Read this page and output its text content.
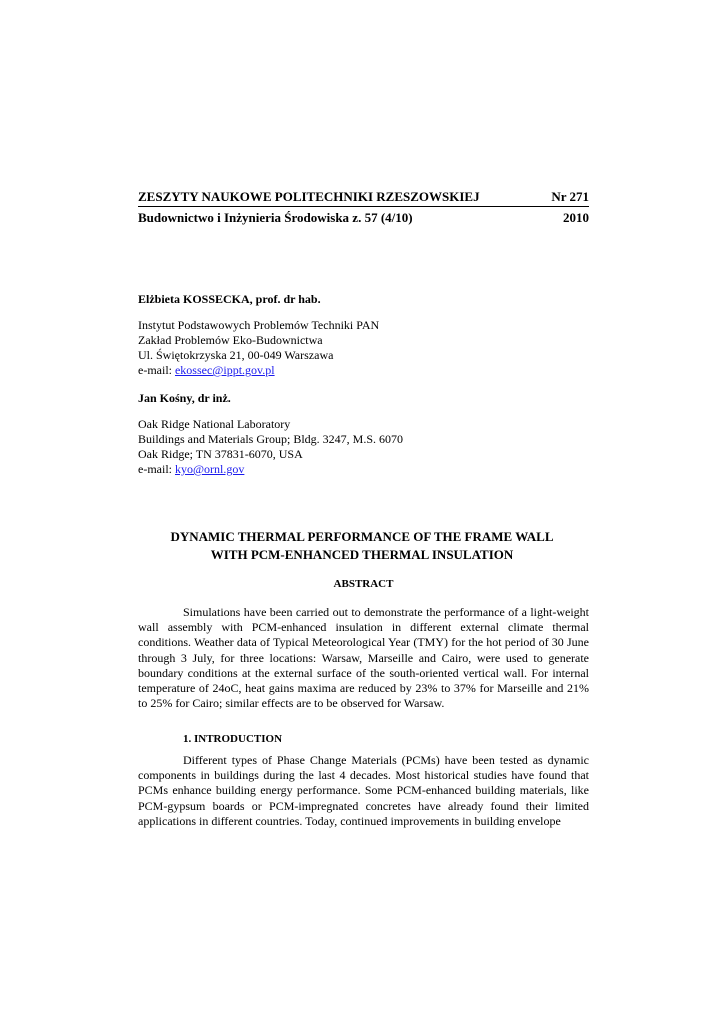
ZESZYTY NAUKOWE POLITECHNIKI RZESZOWSKIEJ	Nr 271
Budownictwo i Inżynieria Środowiska z. 57 (4/10)	2010
Elżbieta KOSSECKA, prof. dr hab.
Instytut Podstawowych Problemów Techniki PAN
Zakład Problemów Eko-Budownictwa
Ul. Świętokrzyska 21, 00-049 Warszawa
e-mail: ekossec@ippt.gov.pl
Jan Kośny, dr inż.
Oak Ridge National Laboratory
Buildings and Materials Group; Bldg. 3247, M.S. 6070
Oak Ridge; TN 37831-6070, USA
e-mail: kyo@ornl.gov
DYNAMIC THERMAL PERFORMANCE OF THE FRAME WALL
WITH PCM-ENHANCED THERMAL INSULATION
ABSTRACT

Simulations have been carried out to demonstrate the performance of a light-weight wall assembly with PCM-enhanced insulation in different external climate thermal conditions. Weather data of Typical Meteorological Year (TMY) for the hot period of 30 June through 3 July, for three locations: Warsaw, Marseille and Cairo, were used to generate boundary conditions at the external surface of the south-oriented vertical wall. For internal temperature of 24oC, heat gains maxima are reduced by 23% to 37% for Marseille and 21% to 25% for Cairo; similar effects are to be observed for Warsaw.

1. INTRODUCTION

Different types of Phase Change Materials (PCMs) have been tested as dynamic components in buildings during the last 4 decades. Most historical studies have found that PCMs enhance building energy performance. Some PCM-enhanced building materials, like PCM-gypsum boards or PCM-impregnated concretes have already found their limited applications in different countries. Today, continued improvements in building envelope
